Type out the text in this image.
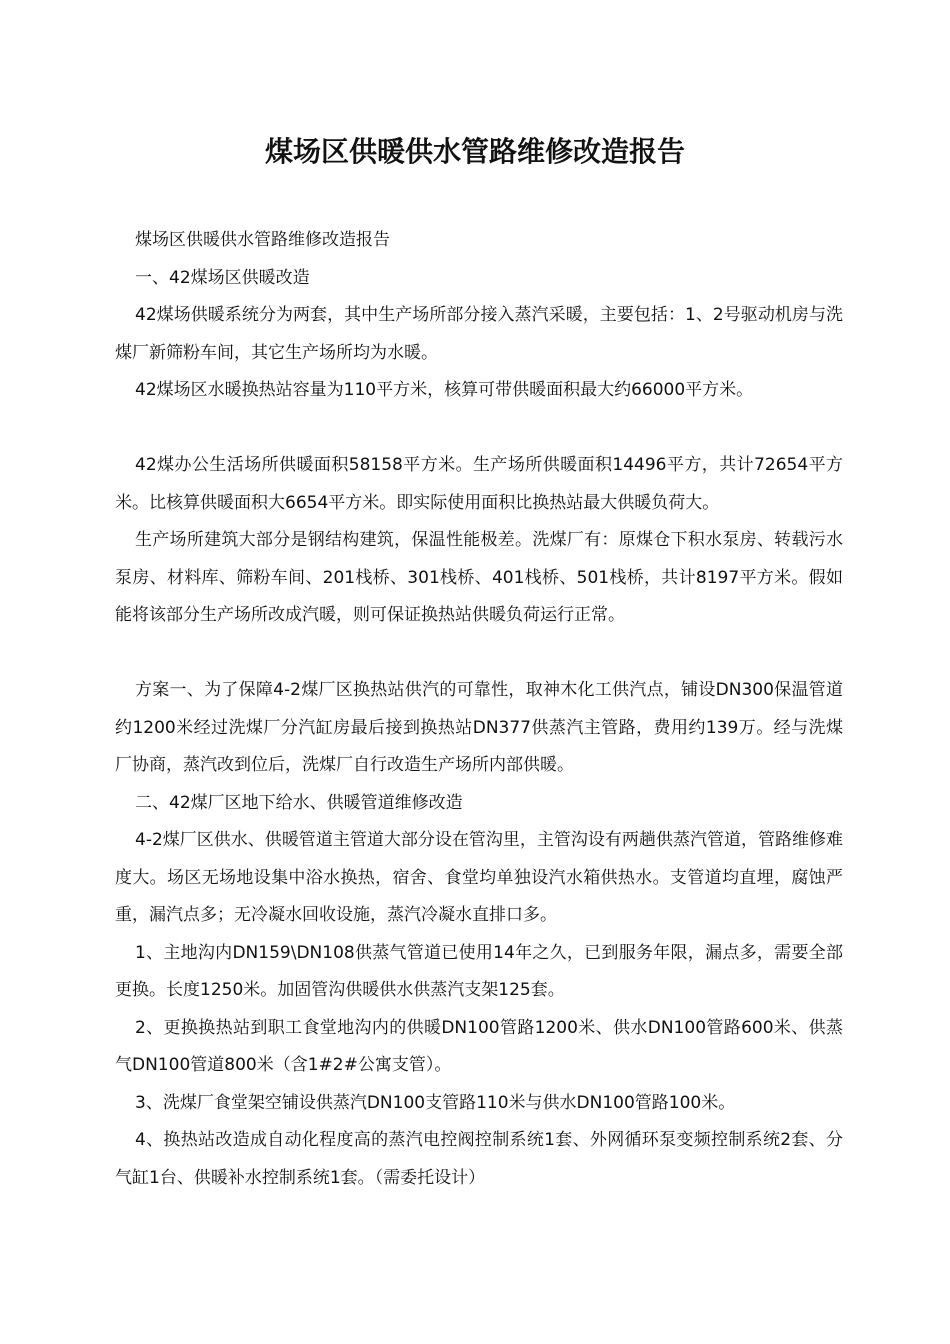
煤场区供暖供水管路维修改造报告

煤场区供暖供水管路维修改造报告

一、42煤场区供暖改造

42煤场供暖系统分为两套，其中生产场所部分接入蒸汽采暖，主要包括：1、2号驱动机房与洗煤厂新筛粉车间，其它生产场所均为水暖。

42煤场区水暖换热站容量为110平方米，核算可带供暖面积最大约66000平方米。

42煤办公生活场所供暖面积58158平方米。生产场所供暖面积14496平方，共计72654平方米。比核算供暖面积大6654平方米。即实际使用面积比换热站最大供暖负荷大。

生产场所建筑大部分是钢结构建筑，保温性能极差。洗煤厂有：原煤仓下积水泵房、转载污水泵房、材料库、筛粉车间、201栈桥、301栈桥、401栈桥、501栈桥，共计8197平方米。假如能将该部分生产场所改成汽暖，则可保证换热站供暖负荷运行正常。

方案一、为了保障4-2煤厂区换热站供汽的可靠性，取神木化工供汽点，铺设DN300保温管道约1200米经过洗煤厂分汽缸房最后接到换热站DN377供蒸汽主管路，费用约139万。经与洗煤厂协商，蒸汽改到位后，洗煤厂自行改造生产场所内部供暖。

二、42煤厂区地下给水、供暖管道维修改造

4-2煤厂区供水、供暖管道主管道大部分设在管沟里，主管沟设有两趟供蒸汽管道，管路维修难度大。场区无场地设集中浴水换热，宿舍、食堂均单独设汽水箱供热水。支管道均直埋，腐蚀严重，漏汽点多；无冷凝水回收设施，蒸汽冷凝水直排口多。

1、主地沟内DN159\DN108供蒸气管道已使用14年之久，已到服务年限，漏点多，需要全部更换。长度1250米。加固管沟供暖供水供蒸汽支架125套。

2、更换换热站到职工食堂地沟内的供暖DN100管路1200米、供水DN100管路600米、供蒸气DN100管道800米（含1#2#公寓支管）。

3、洗煤厂食堂架空铺设供蒸汽DN100支管路110米与供水DN100管路100米。

4、换热站改造成自动化程度高的蒸汽电控阀控制系统1套、外网循环泵变频控制系统2套、分气缸1台、供暖补水控制系统1套。（需委托设计）
